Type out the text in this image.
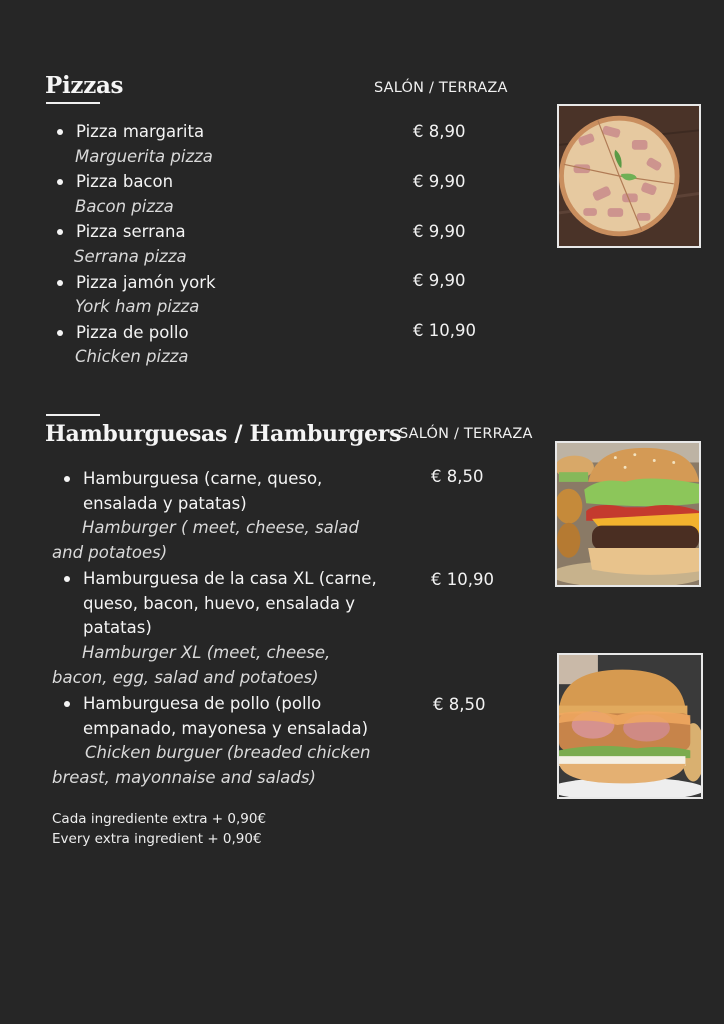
Pizzas	SALÓN / TERRAZA
Pizza margarita
Marguerita pizza
€ 8,90
Pizza bacon
Bacon pizza
€ 9,90
Pizza serrana
Serrana pizza
€ 9,90
Pizza jamón york
York ham pizza
€ 9,90
Pizza de pollo
Chicken pizza
€ 10,90
Hamburguesas / Hamburgers
SALÓN / TERRAZA
Hamburguesa (carne, queso,
ensalada y patatas)
Hamburger ( meet, cheese, salad
and potatoes)
€ 8,50
Hamburguesa de la casa XL (carne,
queso, bacon, huevo, ensalada y
patatas)
Hamburger XL (meet, cheese,
bacon, egg, salad and potatoes)
€ 10,90
Hamburguesa de pollo (pollo
empanado, mayonesa y ensalada)
Chicken burguer (breaded chicken
breast, mayonnaise and salads)
€ 8,50
Cada ingrediente extra + 0,90€
Every extra ingredient + 0,90€
